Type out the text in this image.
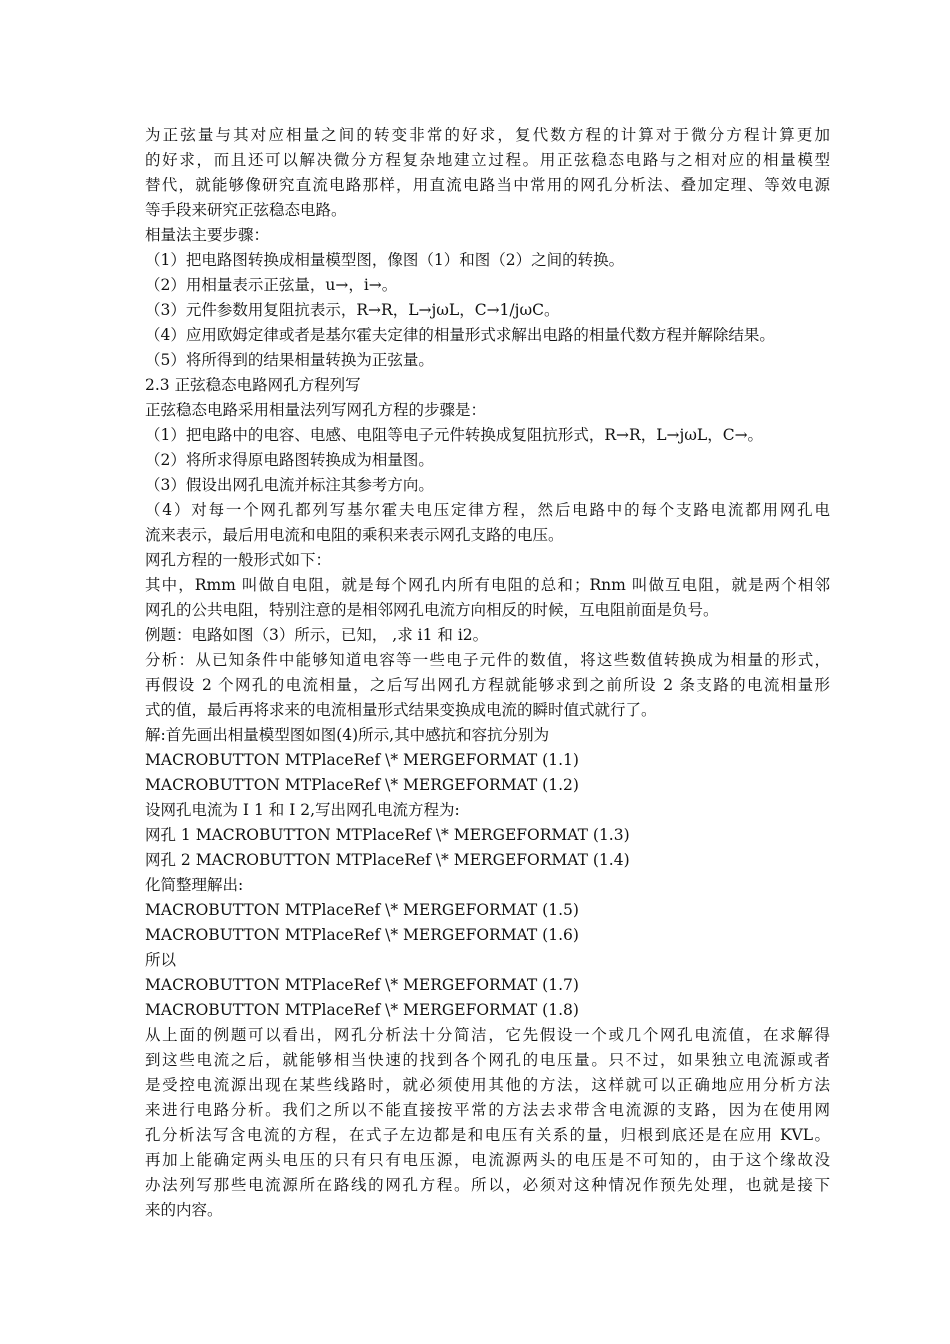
为正弦量与其对应相量之间的转变非常的好求，复代数方程的计算对于微分方程计算更加
的好求，而且还可以解决微分方程复杂地建立过程。用正弦稳态电路与之相对应的相量模型
替代，就能够像研究直流电路那样，用直流电路当中常用的网孔分析法、叠加定理、等效电源
等手段来研究正弦稳态电路。
相量法主要步骤：
（1）把电路图转换成相量模型图，像图（1）和图（2）之间的转换。
（2）用相量表示正弦量，u→，i→。
（3）元件参数用复阻抗表示，R→R，L→jωL，C→1/jωC。
（4）应用欧姆定律或者是基尔霍夫定律的相量形式求解出电路的相量代数方程并解除结果。
（5）将所得到的结果相量转换为正弦量。
2.3 正弦稳态电路网孔方程列写
正弦稳态电路采用相量法列写网孔方程的步骤是：
（1）把电路中的电容、电感、电阻等电子元件转换成复阻抗形式，R→R，L→jωL，C→。
（2）将所求得原电路图转换成为相量图。
（3）假设出网孔电流并标注其参考方向。
（4）对每一个网孔都列写基尔霍夫电压定律方程，然后电路中的每个支路电流都用网孔电
流来表示，最后用电流和电阻的乘积来表示网孔支路的电压。
网孔方程的一般形式如下：
其中，Rmm 叫做自电阻，就是每个网孔内所有电阻的总和；Rnm 叫做互电阻，就是两个相邻
网孔的公共电阻，特别注意的是相邻网孔电流方向相反的时候，互电阻前面是负号。
例题：电路如图（3）所示，已知， ,求 i1 和 i2。
分析：从已知条件中能够知道电容等一些电子元件的数值，将这些数值转换成为相量的形式，
再假设 2 个网孔的电流相量，之后写出网孔方程就能够求到之前所设 2 条支路的电流相量形
式的值，最后再将求来的电流相量形式结果变换成电流的瞬时值式就行了。
解:首先画出相量模型图如图(4)所示,其中感抗和容抗分别为
MACROBUTTON MTPlaceRef \* MERGEFORMAT (1.1)
MACROBUTTON MTPlaceRef \* MERGEFORMAT (1.2)
设网孔电流为 I 1 和 I 2,写出网孔电流方程为:
网孔 1 MACROBUTTON MTPlaceRef \* MERGEFORMAT (1.3)
网孔 2 MACROBUTTON MTPlaceRef \* MERGEFORMAT (1.4)
化简整理解出:
MACROBUTTON MTPlaceRef \* MERGEFORMAT (1.5)
MACROBUTTON MTPlaceRef \* MERGEFORMAT (1.6)
所以
MACROBUTTON MTPlaceRef \* MERGEFORMAT (1.7)
MACROBUTTON MTPlaceRef \* MERGEFORMAT (1.8)
从上面的例题可以看出，网孔分析法十分简洁，它先假设一个或几个网孔电流值，在求解得
到这些电流之后，就能够相当快速的找到各个网孔的电压量。只不过，如果独立电流源或者
是受控电流源出现在某些线路时，就必须使用其他的方法，这样就可以正确地应用分析方法
来进行电路分析。我们之所以不能直接按平常的方法去求带含电流源的支路，因为在使用网
孔分析法写含电流的方程，在式子左边都是和电压有关系的量，归根到底还是在应用 KVL。
再加上能确定两头电压的只有只有电压源，电流源两头的电压是不可知的，由于这个缘故没
办法列写那些电流源所在路线的网孔方程。所以，必须对这种情况作预先处理，也就是接下
来的内容。
